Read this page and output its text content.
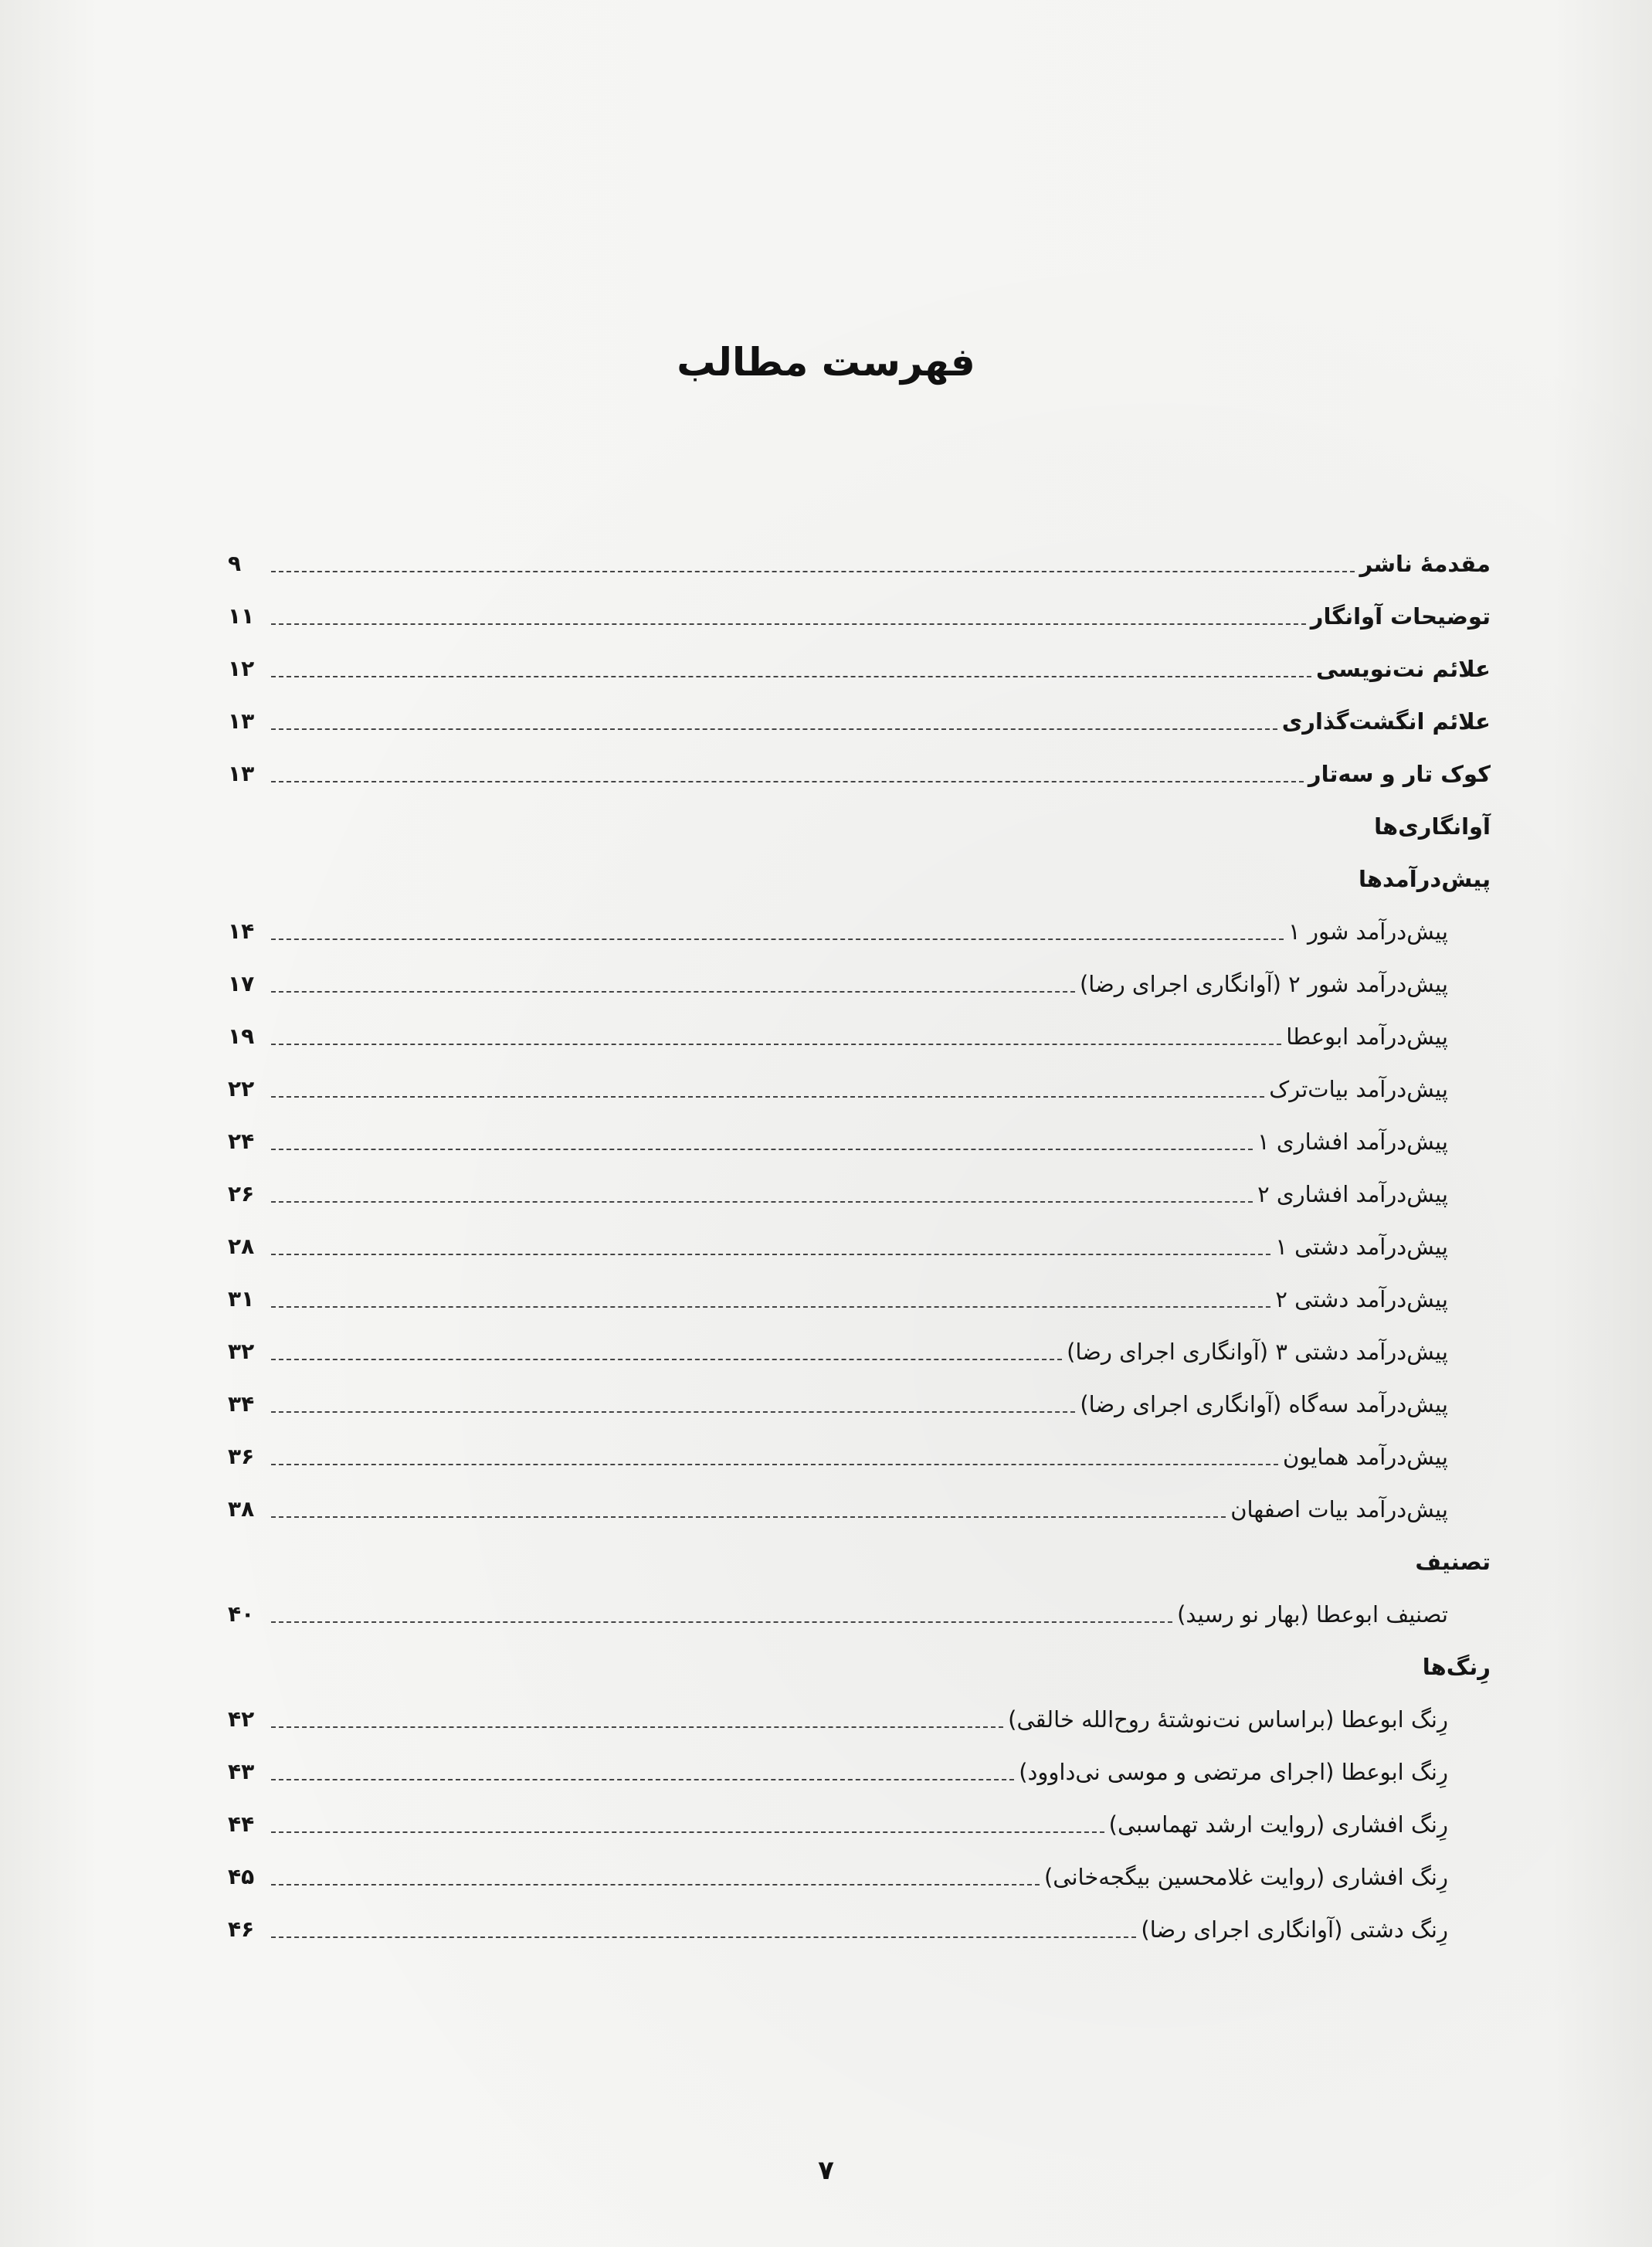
فهرست مطالب
مقدمهٔ ناشر
۹
توضیحات آوانگار
۱۱
علائم نت‌نویسی
۱۲
علائم انگشت‌گذاری
۱۳
کوک تار و سه‌تار
۱۳
آوانگاری‌ها
پیش‌درآمدها
پیش‌درآمد شور ۱
۱۴
پیش‌درآمد شور ۲ (آوانگاری اجرای رضا)
۱۷
پیش‌درآمد ابوعطا
۱۹
پیش‌درآمد بیات‌ترک
۲۲
پیش‌درآمد افشاری ۱
۲۴
پیش‌درآمد افشاری ۲
۲۶
پیش‌درآمد دشتی ۱
۲۸
پیش‌درآمد دشتی ۲
۳۱
پیش‌درآمد دشتی ۳ (آوانگاری اجرای رضا)
۳۲
پیش‌درآمد سه‌گاه (آوانگاری اجرای رضا)
۳۴
پیش‌درآمد همایون
۳۶
پیش‌درآمد بیات اصفهان
۳۸
تصنیف
تصنیف ابوعطا (بهار نو رسید)
۴۰
رِنگ‌ها
رِنگ ابوعطا (براساس نت‌نوشتهٔ روح‌الله خالقی)
۴۲
رِنگ ابوعطا (اجرای مرتضی و موسی نی‌داوود)
۴۳
رِنگ افشاری (روایت ارشد تهماسبی)
۴۴
رِنگ افشاری (روایت غلامحسین بیگجه‌خانی)
۴۵
رِنگ دشتی (آوانگاری اجرای رضا)
۴۶
۷
